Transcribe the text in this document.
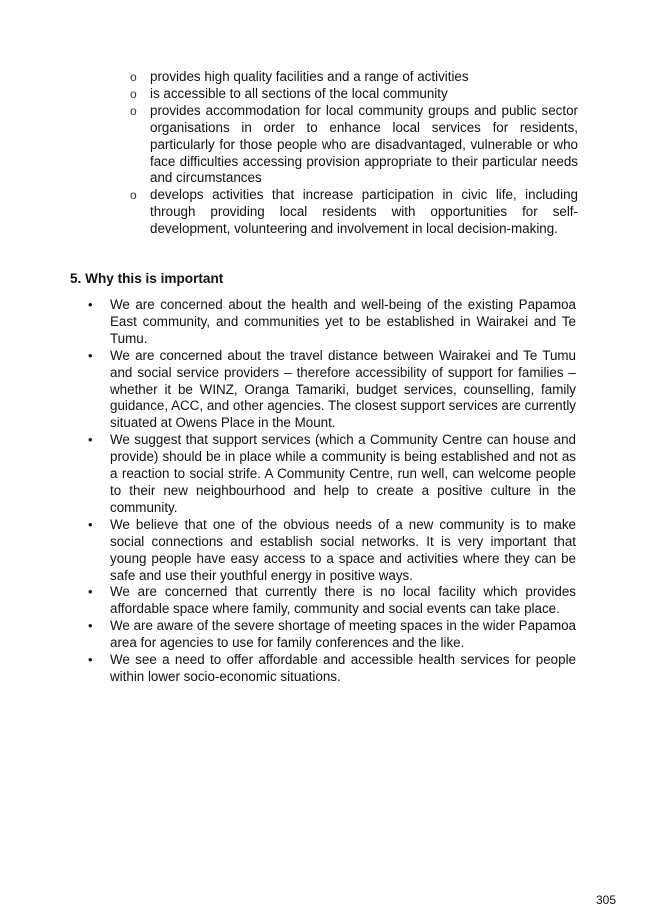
o provides high quality facilities and a range of activities
o is accessible to all sections of the local community
o provides accommodation for local community groups and public sector organisations in order to enhance local services for residents, particularly for those people who are disadvantaged, vulnerable or who face difficulties accessing provision appropriate to their particular needs and circumstances
o develops activities that increase participation in civic life, including through providing local residents with opportunities for self-development, volunteering and involvement in local decision-making.
5. Why this is important
•	We are concerned about the health and well-being of the existing Papamoa East community, and communities yet to be established in Wairakei and Te Tumu.
•	We are concerned about the travel distance between Wairakei and Te Tumu and social service providers – therefore accessibility of support for families – whether it be WINZ, Oranga Tamariki, budget services, counselling, family guidance, ACC, and other agencies. The closest support services are currently situated at Owens Place in the Mount.
•	We suggest that support services (which a Community Centre can house and provide) should be in place while a community is being established and not as a reaction to social strife. A Community Centre, run well, can welcome people to their new neighbourhood and help to create a positive culture in the community.
•	We believe that one of the obvious needs of a new community is to make social connections and establish social networks. It is very important that young people have easy access to a space and activities where they can be safe and use their youthful energy in positive ways.
•	We are concerned that currently there is no local facility which provides affordable space where family, community and social events can take place.
•	We are aware of the severe shortage of meeting spaces in the wider Papamoa area for agencies to use for family conferences and the like.
•	We see a need to offer affordable and accessible health services for people within lower socio-economic situations.
305
